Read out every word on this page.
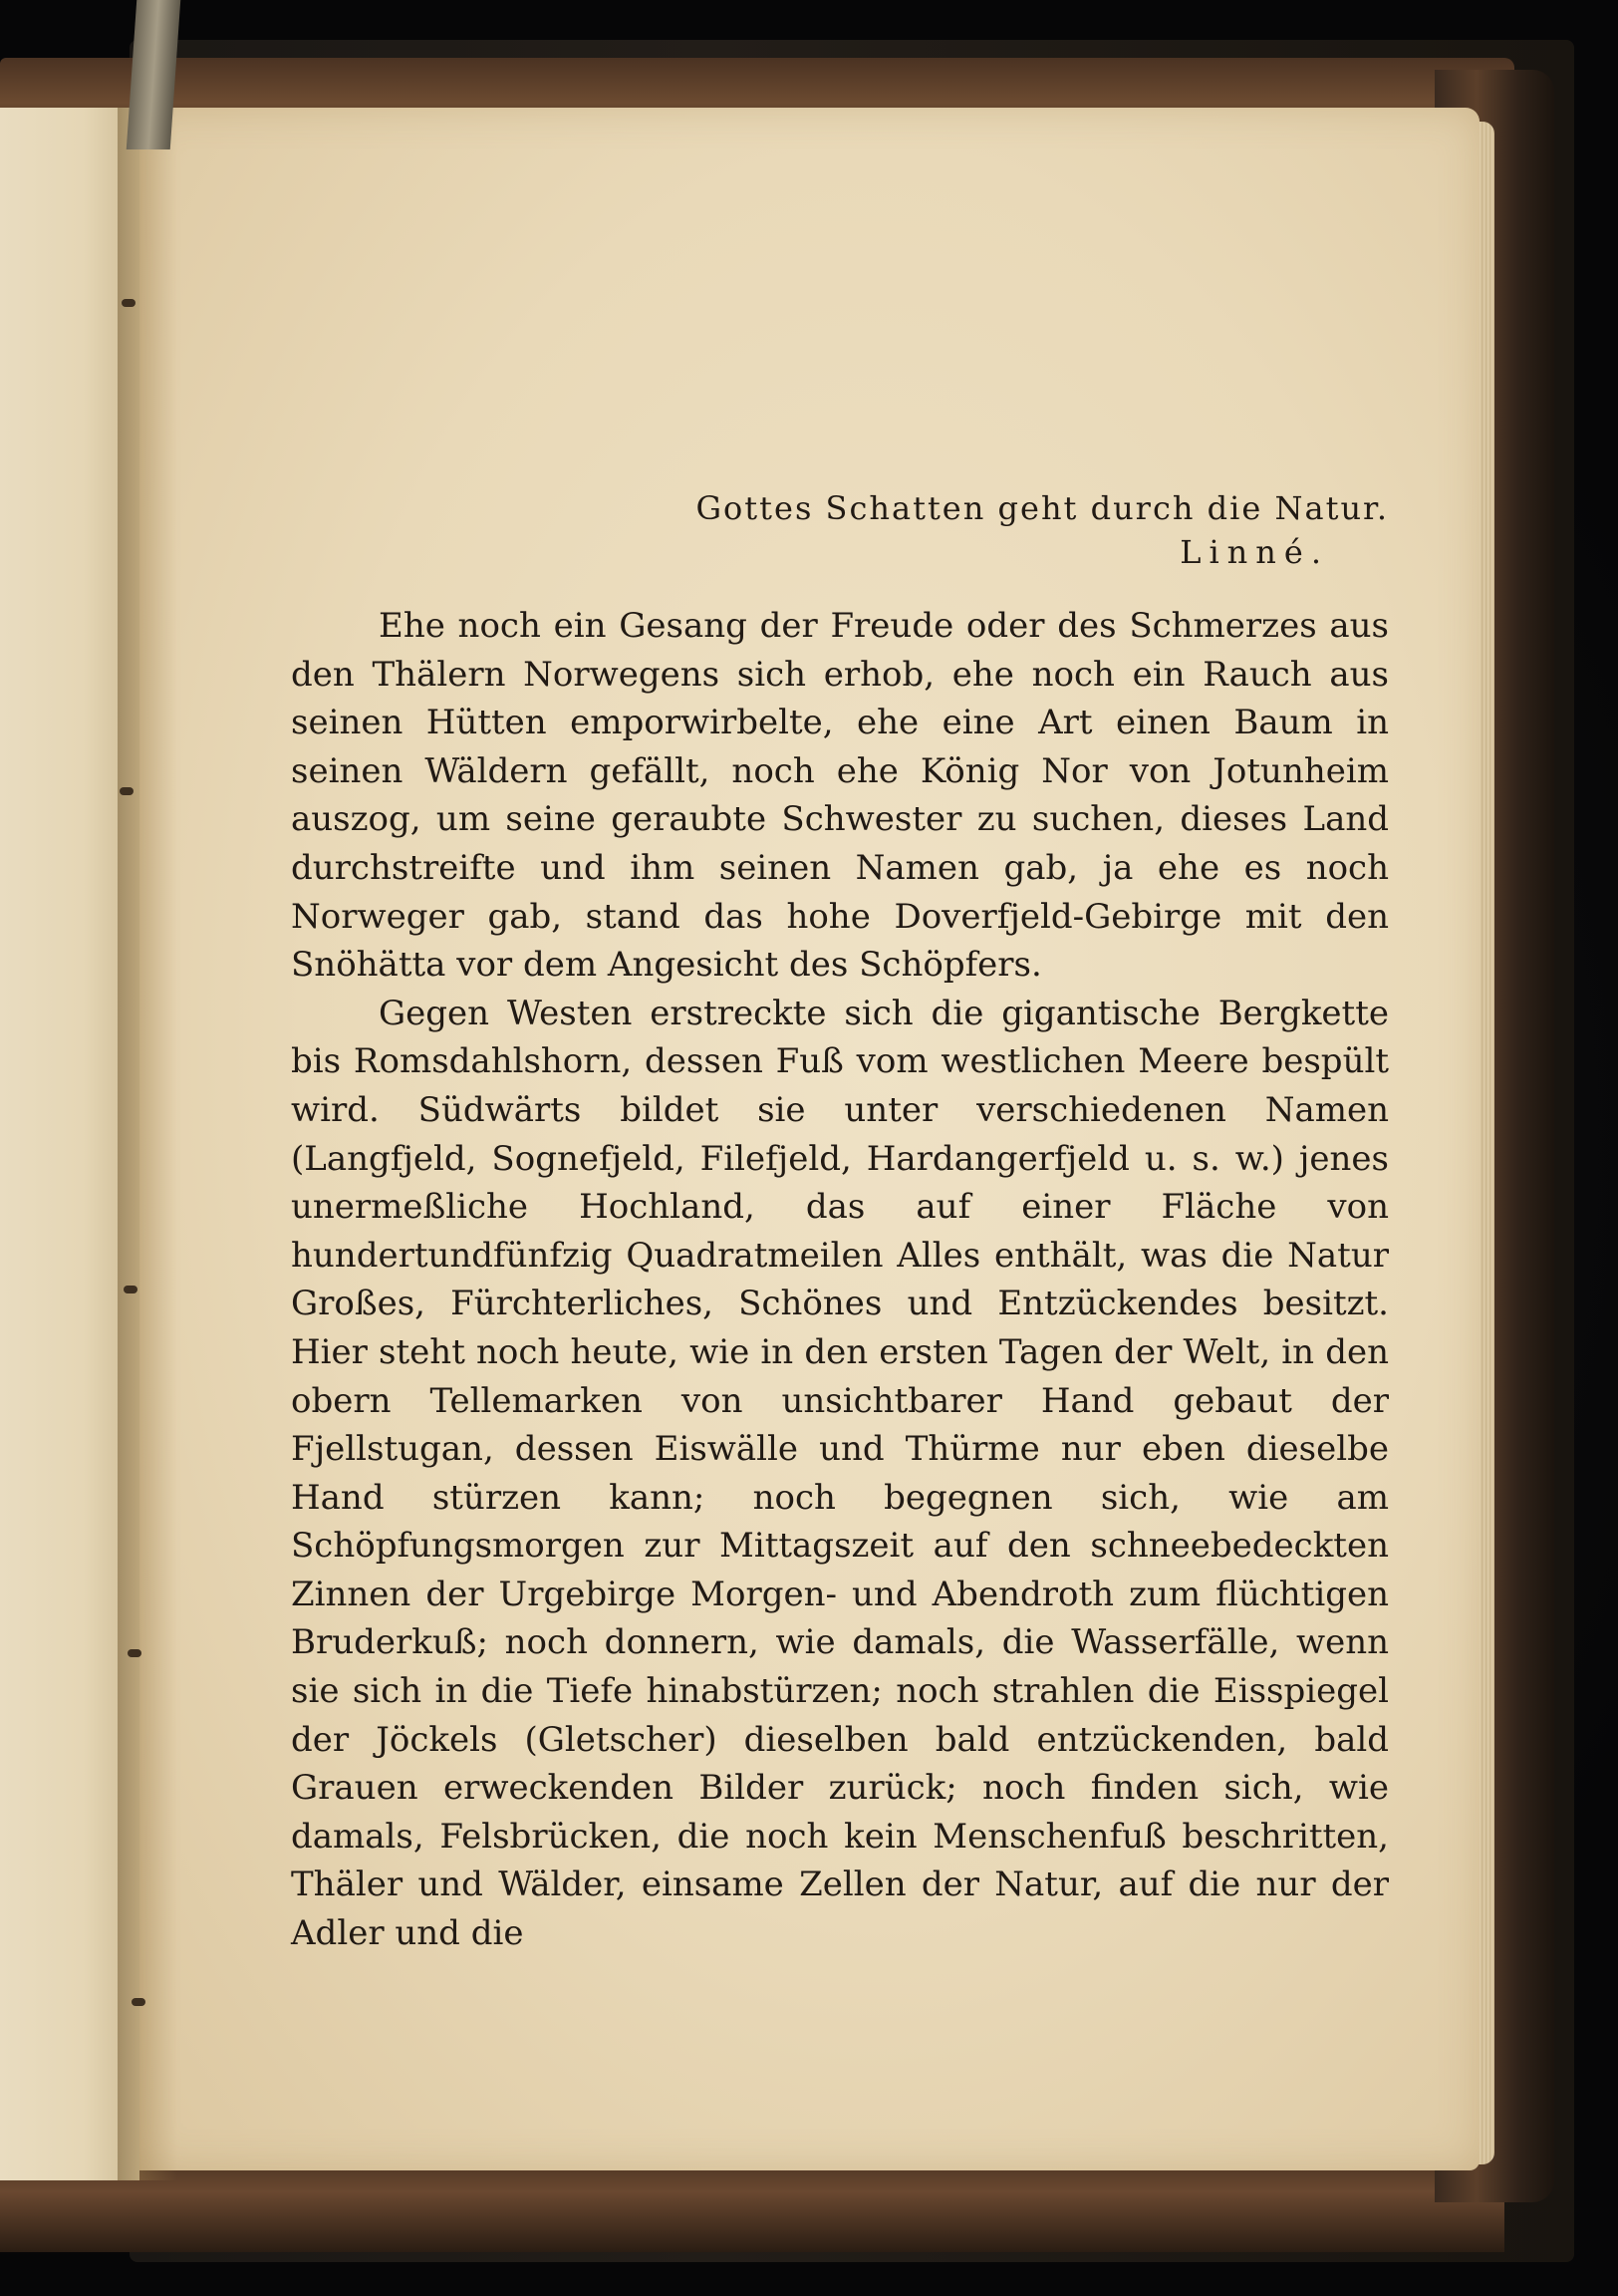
Gottes Schatten geht durch die Natur.

Linné.

Ehe noch ein Gesang der Freude oder des Schmerzes aus den Thälern Norwegens sich erhob, ehe noch ein Rauch aus seinen Hütten emporwirbelte, ehe eine Art einen Baum in seinen Wäldern gefällt, noch ehe König Nor von Jotunheim auszog, um seine geraubte Schwester zu suchen, dieses Land durchstreifte und ihm seinen Namen gab, ja ehe es noch Norweger gab, stand das hohe Doverfjeld-Gebirge mit den Snöhätta vor dem Angesicht des Schöpfers.

Gegen Westen erstreckte sich die gigantische Bergkette bis Romsdahlshorn, dessen Fuß vom westlichen Meere bespült wird. Südwärts bildet sie unter verschiedenen Namen (Langfjeld, Sognefjeld, Filefjeld, Hardangerfjeld u. s. w.) jenes unermeßliche Hochland, das auf einer Fläche von hundertundfünfzig Quadratmeilen Alles enthält, was die Natur Großes, Fürchterliches, Schönes und Entzückendes besitzt. Hier steht noch heute, wie in den ersten Tagen der Welt, in den obern Tellemarken von unsichtbarer Hand gebaut der Fjellstugan, dessen Eiswälle und Thürme nur eben dieselbe Hand stürzen kann; noch begegnen sich, wie am Schöpfungsmorgen zur Mittagszeit auf den schneebedeckten Zinnen der Urgebirge Morgen- und Abendroth zum flüchtigen Bruderkuß; noch donnern, wie damals, die Wasserfälle, wenn sie sich in die Tiefe hinabstürzen; noch strahlen die Eisspiegel der Jöckels (Gletscher) dieselben bald entzückenden, bald Grauen erweckenden Bilder zurück; noch finden sich, wie damals, Felsbrücken, die noch kein Menschenfuß beschritten, Thäler und Wälder, einsame Zellen der Natur, auf die nur der Adler und die
